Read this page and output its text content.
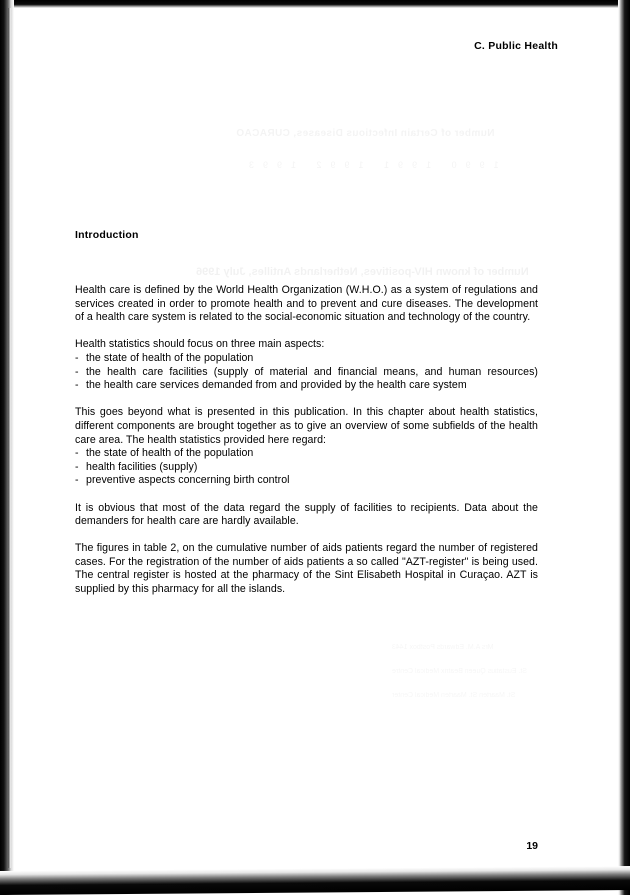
Number of known HIV-positives, Netherlands Antilles, July 1996
C. Public Health
Introduction

Health care is defined by the World Health Organization (W.H.O.) as a system of regulations and services created in order to promote health and to prevent and cure diseases. The development of a health care system is related to the social-economic situation and technology of the country.

Health statistics should focus on three main aspects:

- the state of health of the population
- the health care facilities (supply of material and financial means, and human resources)
- the health care services demanded from and provided by the health care system

This goes beyond what is presented in this publication. In this chapter about health statistics, different components are brought together as to give an overview of some subfields of the health care area. The health statistics provided here regard:

- the state of health of the population
- health facilities (supply)
- preventive aspects concerning birth control

It is obvious that most of the data regard the supply of facilities to recipients. Data about the demanders for health care are hardly available.

The figures in table 2, on the cumulative number of aids patients regard the number of registered cases. For the registration of the number of aids patients a so called "AZT-register" is being used. The central register is hosted at the pharmacy of the Sint Elisabeth Hospital in Curaçao. AZT is supplied by this pharmacy for all the islands.

19
